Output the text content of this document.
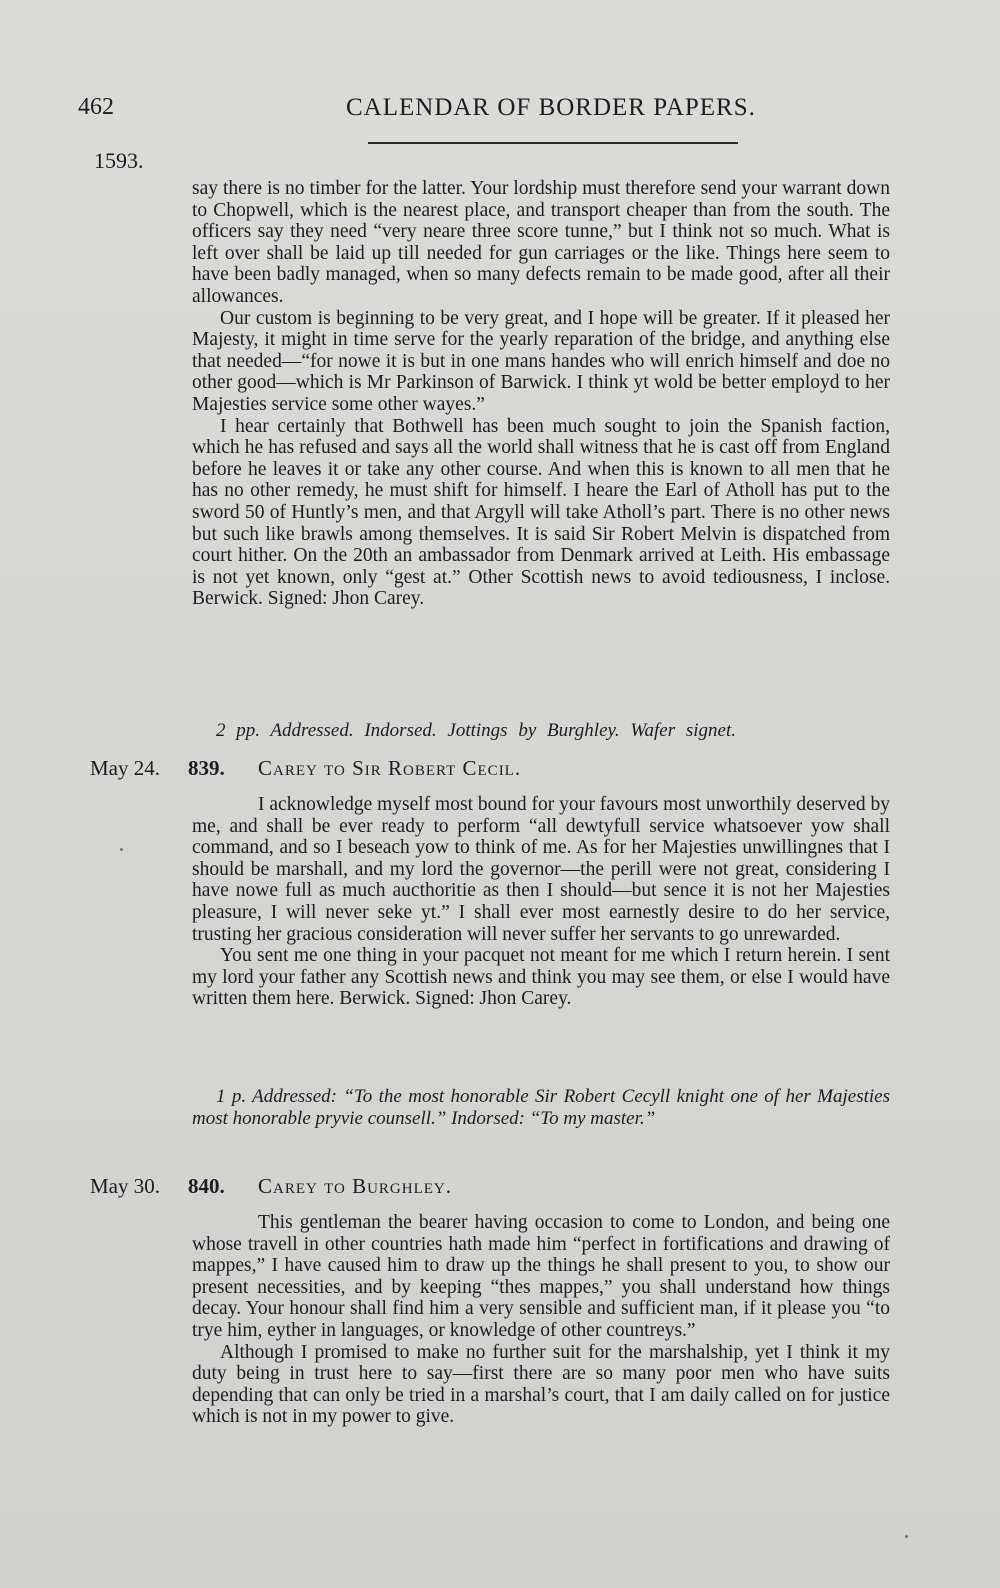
462	CALENDAR OF BORDER PAPERS.
1593.

say there is no timber for the latter. Your lordship must therefore send your warrant down to Chopwell, which is the nearest place, and transport cheaper than from the south. The officers say they need “very neare three score tunne,” but I think not so much. What is left over shall be laid up till needed for gun carriages or the like. Things here seem to have been badly managed, when so many defects remain to be made good, after all their allowances.

Our custom is beginning to be very great, and I hope will be greater. If it pleased her Majesty, it might in time serve for the yearly reparation of the bridge, and anything else that needed—“for nowe it is but in one mans handes who will enrich himself and doe no other good—which is Mr Parkinson of Barwick. I think yt wold be better employd to her Majesties service some other wayes.”

I hear certainly that Bothwell has been much sought to join the Spanish faction, which he has refused and says all the world shall witness that he is cast off from England before he leaves it or take any other course. And when this is known to all men that he has no other remedy, he must shift for himself. I heare the Earl of Atholl has put to the sword 50 of Huntly’s men, and that Argyll will take Atholl’s part. There is no other news but such like brawls among themselves. It is said Sir Robert Melvin is dispatched from court hither. On the 20th an ambassador from Denmark arrived at Leith. His embassage is not yet known, only “gest at.” Other Scottish news to avoid tediousness, I inclose. Berwick. Signed: Jhon Carey.

2 pp. Addressed. Indorsed. Jottings by Burghley. Wafer signet.
May 24. 839. Carey to Sir Robert Cecil.

I acknowledge myself most bound for your favours most unworthily deserved by me, and shall be ever ready to perform “all dewtyfull service whatsoever yow shall command, and so I beseach yow to think of me. As for her Majesties unwillingnes that I should be marshall, and my lord the governor—the perill were not great, considering I have nowe full as much aucthoritie as then I should—but sence it is not her Majesties pleasure, I will never seke yt.” I shall ever most earnestly desire to do her service, trusting her gracious consideration will never suffer her servants to go unrewarded.

You sent me one thing in your pacquet not meant for me which I return herein. I sent my lord your father any Scottish news and think you may see them, or else I would have written them here. Berwick. Signed: Jhon Carey.

1 p. Addressed: “To the most honorable Sir Robert Cecyll knight one of her Majesties most honorable pryvie counsell.” Indorsed: “To my master.”
May 30. 840. Carey to Burghley.

This gentleman the bearer having occasion to come to London, and being one whose travell in other countries hath made him “perfect in fortifications and drawing of mappes,” I have caused him to draw up the things he shall present to you, to show our present necessities, and by keeping “thes mappes,” you shall understand how things decay. Your honour shall find him a very sensible and sufficient man, if it please you “to trye him, eyther in languages, or knowledge of other countreys.”

Although I promised to make no further suit for the marshalship, yet I think it my duty being in trust here to say—first there are so many poor men who have suits depending that can only be tried in a marshal’s court, that I am daily called on for justice which is not in my power to give.
